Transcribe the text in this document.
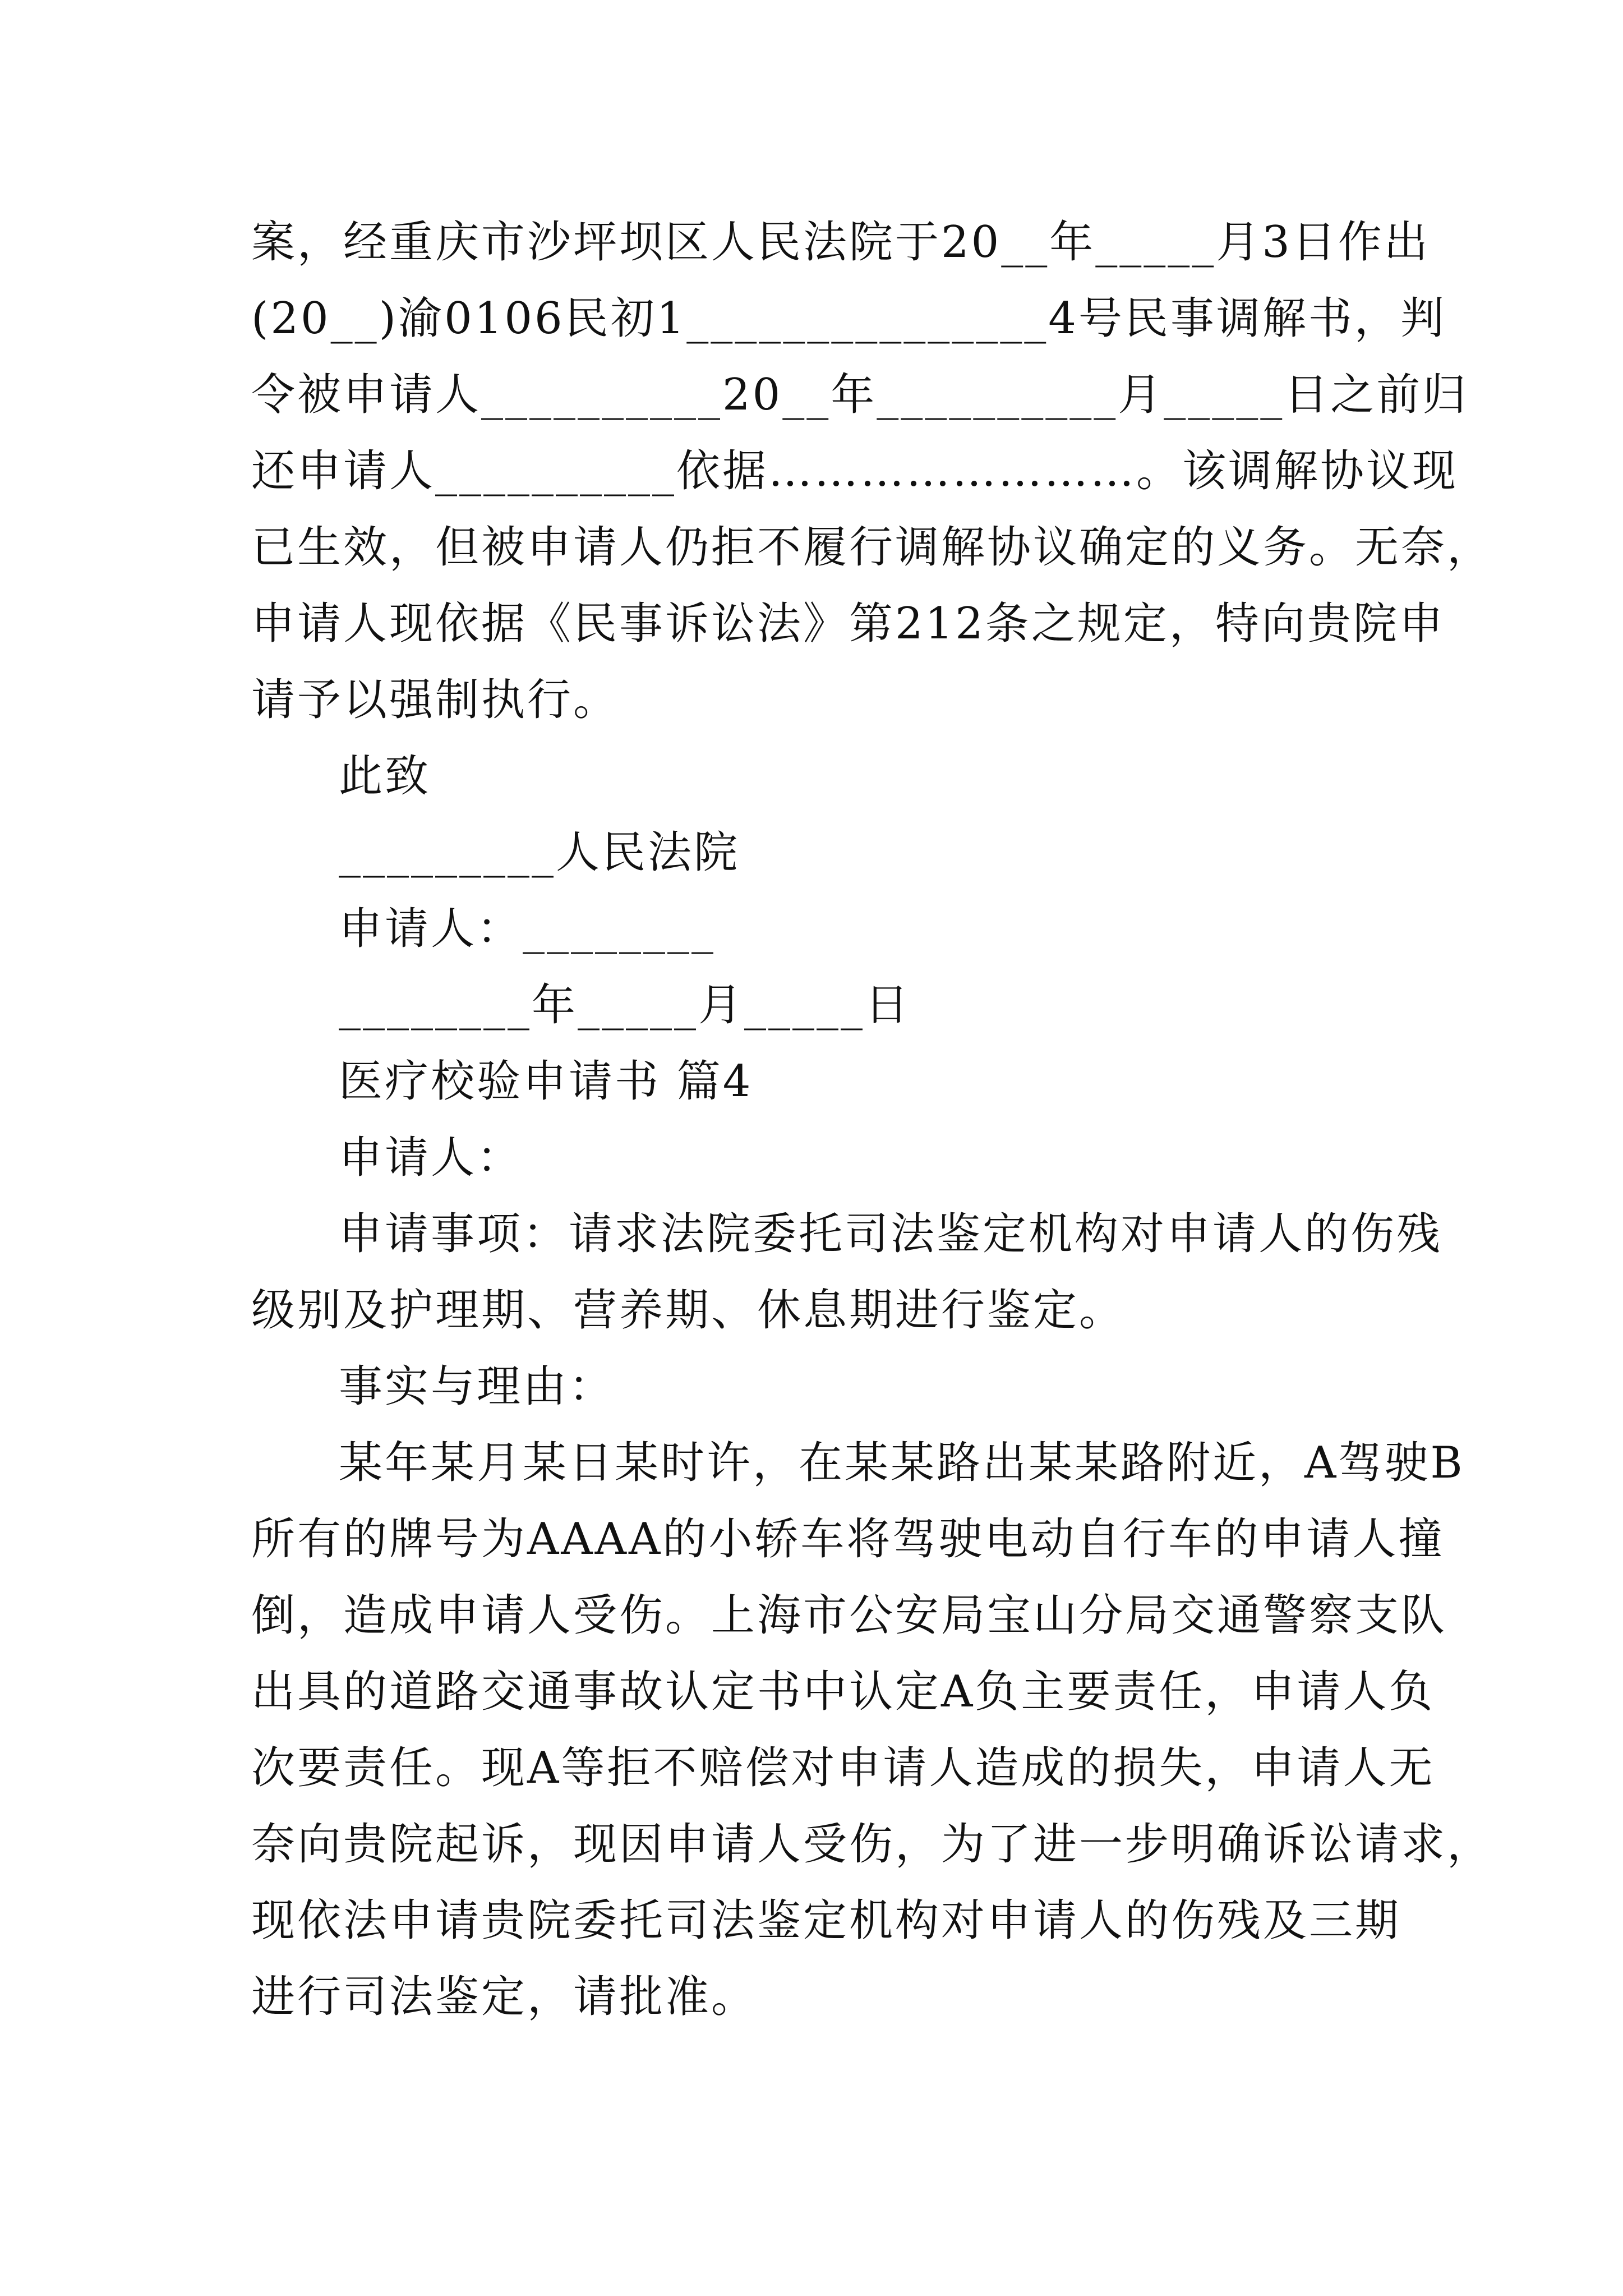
案，经重庆市沙坪坝区人民法院于20__年_____月3日作出
(20__)渝0106民初1_______________4号民事调解书，判
令被申请人__________20__年__________月_____日之前归
还申请人__________依据……………………。该调解协议现
已生效，但被申请人仍拒不履行调解协议确定的义务。无奈，
申请人现依据《民事诉讼法》第212条之规定，特向贵院申
请予以强制执行。
此致
_________人民法院
申请人：________
________年_____月_____日
医疗校验申请书 篇4
申请人：
申请事项：请求法院委托司法鉴定机构对申请人的伤残
级别及护理期、营养期、休息期进行鉴定。
事实与理由：
某年某月某日某时许，在某某路出某某路附近，A驾驶B
所有的牌号为AAAA的小轿车将驾驶电动自行车的申请人撞
倒，造成申请人受伤。上海市公安局宝山分局交通警察支队
出具的道路交通事故认定书中认定A负主要责任，申请人负
次要责任。现A等拒不赔偿对申请人造成的损失，申请人无
奈向贵院起诉，现因申请人受伤，为了进一步明确诉讼请求，
现依法申请贵院委托司法鉴定机构对申请人的伤残及三期
进行司法鉴定，请批准。
